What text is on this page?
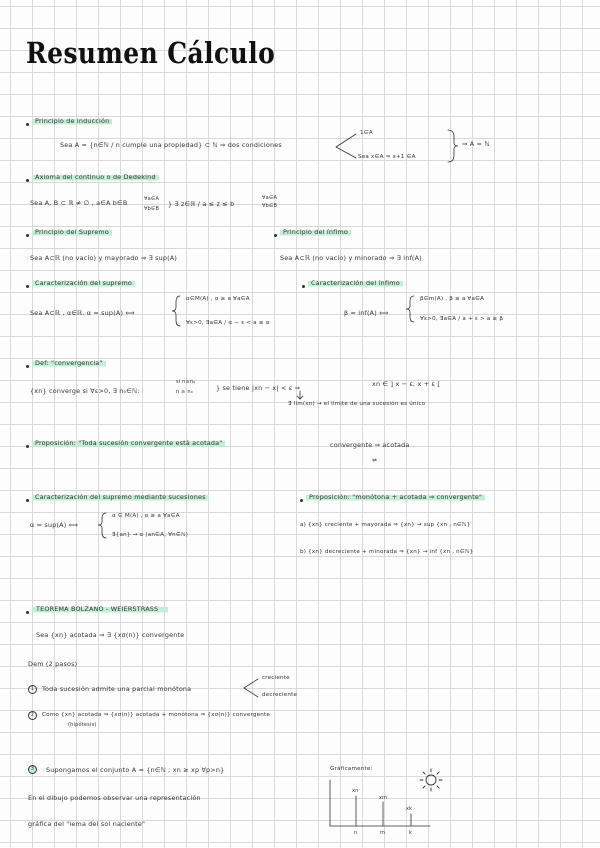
Resumen Cálculo
Principio de inducción
Sea A = {n∈ℕ / n cumple una propiedad} ⊂ ℕ ⇒ dos condiciones
1∈A
Sea x∈A ⇒ x+1 ∈A
⇒ A = ℕ
Axioma del continuo o de Dedekind
Sea A, B ⊂ ℝ ≠ ∅ , a∈A b∈B	∀a∈A
∀b∈B
} ∃ z∈ℝ / a ≤ z ≤ b
∀a∈A
∀b∈B
Principio del Supremo
Sea A⊂ℝ (no vacío) y mayorado ⇒ ∃ sup(A)
Principio del ínfimo
Sea A⊂ℝ (no vacío) y minorado ⇒ ∃ inf(A)
Caracterización del supremo
Sea A⊂ℝ , α∈ℝ. α = sup(A) ⟺
α∈M(A) , α ≥ a ∀a∈A
∀ε>0, ∃a∈A / α − ε < a ≤ α
Caracterización del ínfimo
β = inf(A) ⟺
β∈m(A) , β ≤ a ∀a∈A
∀ε>0, ∃a∈A / a + ε > a ≥ β
Def: "convergencia"
{xn} converge si ∀ε>0, ∃ n₀∈ℕ:
si n≥n₀
n ≥ n₀	} se tiene |xn − x| < ε ⇒	xn ∈ ] x − ε, x + ε [
∃ lim(xn) → el límite de una sucesión es único
Proposición: "Toda sucesión convergente está acotada"	convergente ⇒ acotada
⇍
Caracterización del supremo mediante sucesiones
α = sup(A) ⟺
α ∈ M(A) , α ≥ a ∀a∈A
∃{an} → α (an∈A, ∀n∈ℕ)
Proposición: "monótona + acotada ⇒ convergente"
a) {xn} creciente + mayorada ⇒ {xn} → sup {xn , n∈ℕ}
b) {xn} decreciente + minorada ⇒ {xn} → inf {xn , n∈ℕ}
TEOREMA BOLZANO - WEIERSTRASS
Sea {xn} acotada ⇒ ∃ {xσ(n)} convergente
Dem (2 pasos)
1	Toda sucesión admite una parcial monótona
creciente
decreciente
2	Como {xn} acotada ⇒ {xσ(n)} acotada + monótona ⇒ {xσ(n)} convergente
(hipótesis)
3	Supongamos el conjunto A = {n∈ℕ ; xn ≥ xp ∀p>n}
En el dibujo podemos observar una representación
gráfica del "lema del sol naciente"
Gráficamente:
xn
xm
xk
n	m	k
